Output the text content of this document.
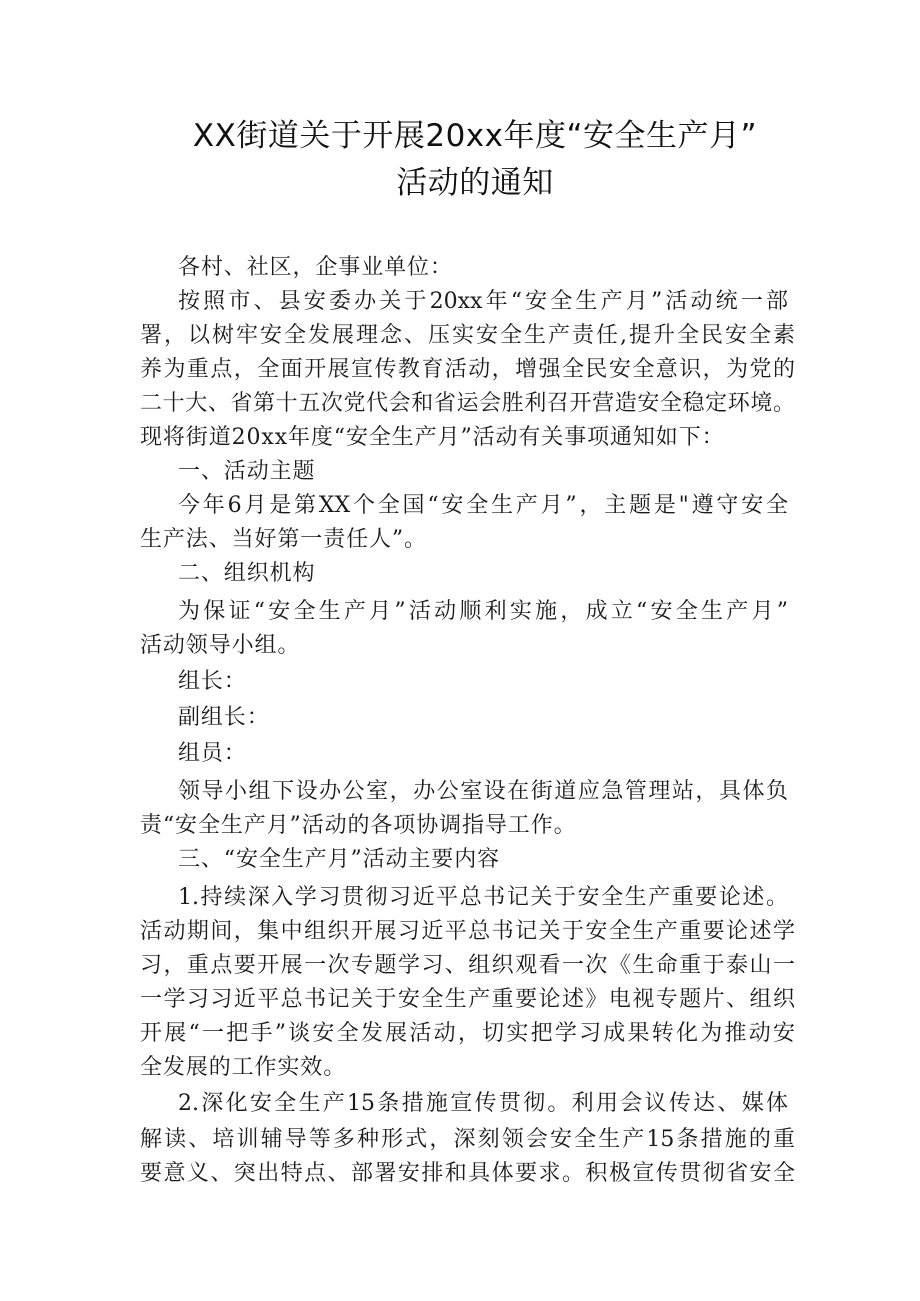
XX街道关于开展20xx年度“安全生产月”
活动的通知
各村、社区，企事业单位：
按照市、县安委办关于20xx年“安全生产月”活动统一部
署，以树牢安全发展理念、压实安全生产责任,提升全民安全素
养为重点，全面开展宣传教育活动，增强全民安全意识，为党的
二十大、省第十五次党代会和省运会胜利召开营造安全稳定环境。
现将街道20xx年度“安全生产月”活动有关事项通知如下：
一、活动主题
今年6月是第XX个全国“安全生产月”，主题是"遵守安全
生产法、当好第一责任人”。
二、组织机构
为保证“安全生产月”活动顺利实施，成立“安全生产月”
活动领导小组。
组长：
副组长：
组员：
领导小组下设办公室，办公室设在街道应急管理站，具体负
责“安全生产月”活动的各项协调指导工作。
三、“安全生产月”活动主要内容
1.持续深入学习贯彻习近平总书记关于安全生产重要论述。
活动期间，集中组织开展习近平总书记关于安全生产重要论述学
习，重点要开展一次专题学习、组织观看一次《生命重于泰山一
一学习习近平总书记关于安全生产重要论述》电视专题片、组织
开展“一把手”谈安全发展活动，切实把学习成果转化为推动安
全发展的工作实效。
2.深化安全生产15条措施宣传贯彻。利用会议传达、媒体
解读、培训辅导等多种形式，深刻领会安全生产15条措施的重
要意义、突出特点、部署安排和具体要求。积极宣传贯彻省安全
